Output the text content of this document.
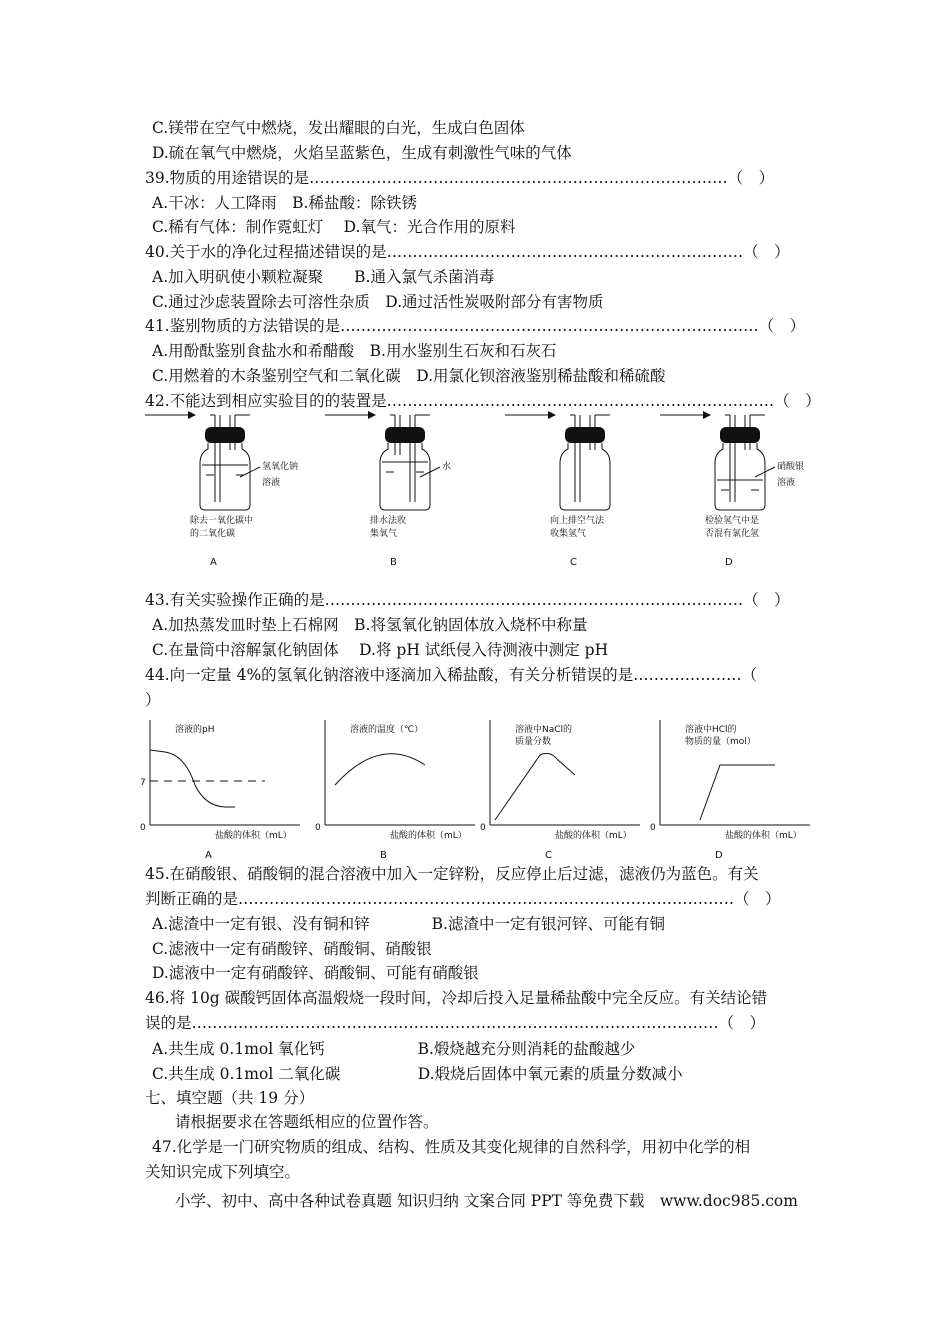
C.镁带在空气中燃烧，发出耀眼的白光，生成白色固体
D.硫在氧气中燃烧，火焰呈蓝紫色，生成有刺激性气味的气体
39.物质的用途错误的是………………………………………………………………………（　）
A.干冰：人工降雨　B.稀盐酸：除铁锈
C.稀有气体：制作霓虹灯　 D.氧气：光合作用的原料
40.关于水的净化过程描述错误的是……………………………………………………………（　）
A.加入明矾使小颗粒凝聚　　B.通入氯气杀菌消毒
C.通过沙虑装置除去可溶性杂质　D.通过活性炭吸附部分有害物质
41.鉴别物质的方法错误的是………………………………………………………………………（　）
A.用酚酞鉴别食盐水和希醋酸　B.用水鉴别生石灰和石灰石
C.用燃着的木条鉴别空气和二氧化碳　D.用氯化钡溶液鉴别稀盐酸和稀硫酸
42.不能达到相应实验目的的装置是…………………………………………………………………（　）
43.有关实验操作正确的是………………………………………………………………………（　）
A.加热蒸发皿时垫上石棉网　B.将氢氧化钠固体放入烧杯中称量
C.在量筒中溶解氯化钠固体　 D.将 pH 试纸侵入待测液中测定 pH
44.向一定量 4%的氢氧化钠溶液中逐滴加入稀盐酸，有关分析错误的是…………………（
）
45.在硝酸银、硝酸铜的混合溶液中加入一定锌粉，反应停止后过滤，滤液仍为蓝色。有关
判断正确的是……………………………………………………………………………………（　）
A.滤渣中一定有银、没有铜和锌　　　　B.滤渣中一定有银河锌、可能有铜
C.滤液中一定有硝酸锌、硝酸铜、硝酸银
D.滤液中一定有硝酸锌、硝酸铜、可能有硝酸银
46.将 10g 碳酸钙固体高温煅烧一段时间，冷却后投入足量稀盐酸中完全反应。有关结论错
误的是…………………………………………………………………………………………（　）
A.共生成 0.1mol 氧化钙　　　　　　B.煅烧越充分则消耗的盐酸越少
C.共生成 0.1mol 二氧化碳　　　　　D.煅烧后固体中氧元素的质量分数减小
七、填空题（共 19 分）
请根据要求在答题纸相应的位置作答。
47.化学是一门研究物质的组成、结构、性质及其变化规律的自然科学，用初中化学的相
关知识完成下列填空。
小学、初中、高中各种试卷真题 知识归纳 文案合同 PPT 等免费下载　www.doc985.com
氢氧化钠
溶液
除去一氧化碳中
的二氧化碳
A
水
排水法收
集氧气
B
向上排空气法
收集氢气
C
硝酸银
溶液
检验氢气中是
否混有氯化氢
D
溶液的pH
盐酸的体积（mL）
0
A
7
溶液的温度（℃）
盐酸的体积（mL）
0
B
溶液中NaCl的
质量分数
盐酸的体积（mL）
0
C
溶液中HCl的
物质的量（mol）
盐酸的体积（mL）
0
D
